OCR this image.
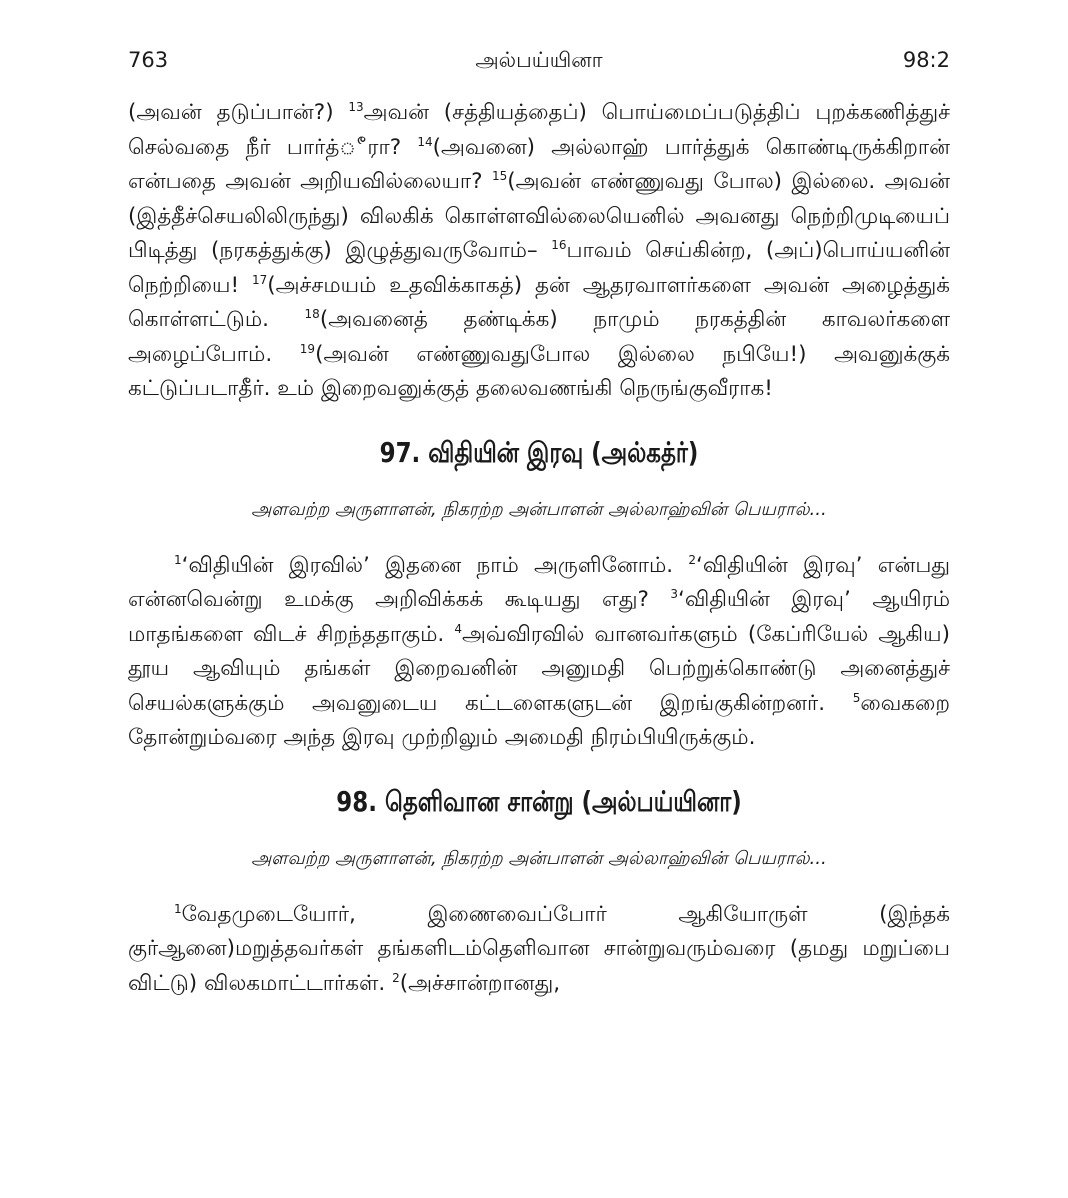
763	அல்பய்யினா	98:2

(அவன் தடுப்பான்?) $^{13}$அவன் (சத்தியத்தைப்) பொய்மைப்படுத்திப் புறக்கணித்துச் செல்வதை நீர் பார்த்ீரா? $^{14}$(அவனை) அல்லாஹ் பார்த்துக் கொண்டிருக்கிறான் என்பதை அவன் அறியவில்லையா? $^{15}$(அவன் எண்ணுவது போல) இல்லை. அவன் (இத்தீச்செயலிலிருந்து) விலகிக் கொள்ளவில்லையெனில் அவனது நெற்றிமுடியைப் பிடித்து (நரகத்துக்கு) இழுத்துவருவோம்– $^{16}$பாவம் செய்கின்ற, (அப்)பொய்யனின் நெற்றியை! $^{17}$(அச்சமயம் உதவிக்காகத்) தன் ஆதரவாளர்களை அவன் அழைத்துக் கொள்ளட்டும். $^{18}$(அவனைத் தண்டிக்க) நாமும் நரகத்தின் காவலர்களை அழைப்போம். $^{19}$(அவன் எண்ணுவதுபோல இல்லை நபியே!) அவனுக்குக் கட்டுப்படாதீர். உம் இறைவனுக்குத் தலைவணங்கி நெருங்குவீராக!

97. விதியின் இரவு (அல்கத்ர்)
அளவற்ற அருளாளன், நிகரற்ற அன்பாளன் அல்லாஹ்வின் பெயரால்...

$^1$‘விதியின் இரவில்’ இதனை நாம் அருளினோம். $^2$‘விதியின் இரவு’ என்பது என்னவென்று உமக்கு அறிவிக்கக் கூடியது எது? $^3$‘விதியின் இரவு’ ஆயிரம் மாதங்களை விடச் சிறந்ததாகும். $^4$அவ்விரவில் வானவர்களும் (கேப்ரியேல் ஆகிய) தூய ஆவியும் தங்கள் இறைவனின் அனுமதி பெற்றுக்கொண்டு அனைத்துச் செயல்களுக்கும் அவனுடைய கட்டளைகளுடன் இறங்குகின்றனர். $^5$வைகறை தோன்றும்வரை அந்த இரவு முற்றிலும் அமைதி நிரம்பியிருக்கும்.

98. தெளிவான சான்று (அல்பய்யினா)
அளவற்ற அருளாளன், நிகரற்ற அன்பாளன் அல்லாஹ்வின் பெயரால்...

$^1$வேதமுடையோர், இணைவைப்போர் ஆகியோருள் (இந்தக் குர்ஆனை)மறுத்தவர்கள் தங்களிடம்தெளிவான சான்றுவரும்வரை (தமது மறுப்பை விட்டு) விலகமாட்டார்கள். $^2$(அச்சான்றானது,
